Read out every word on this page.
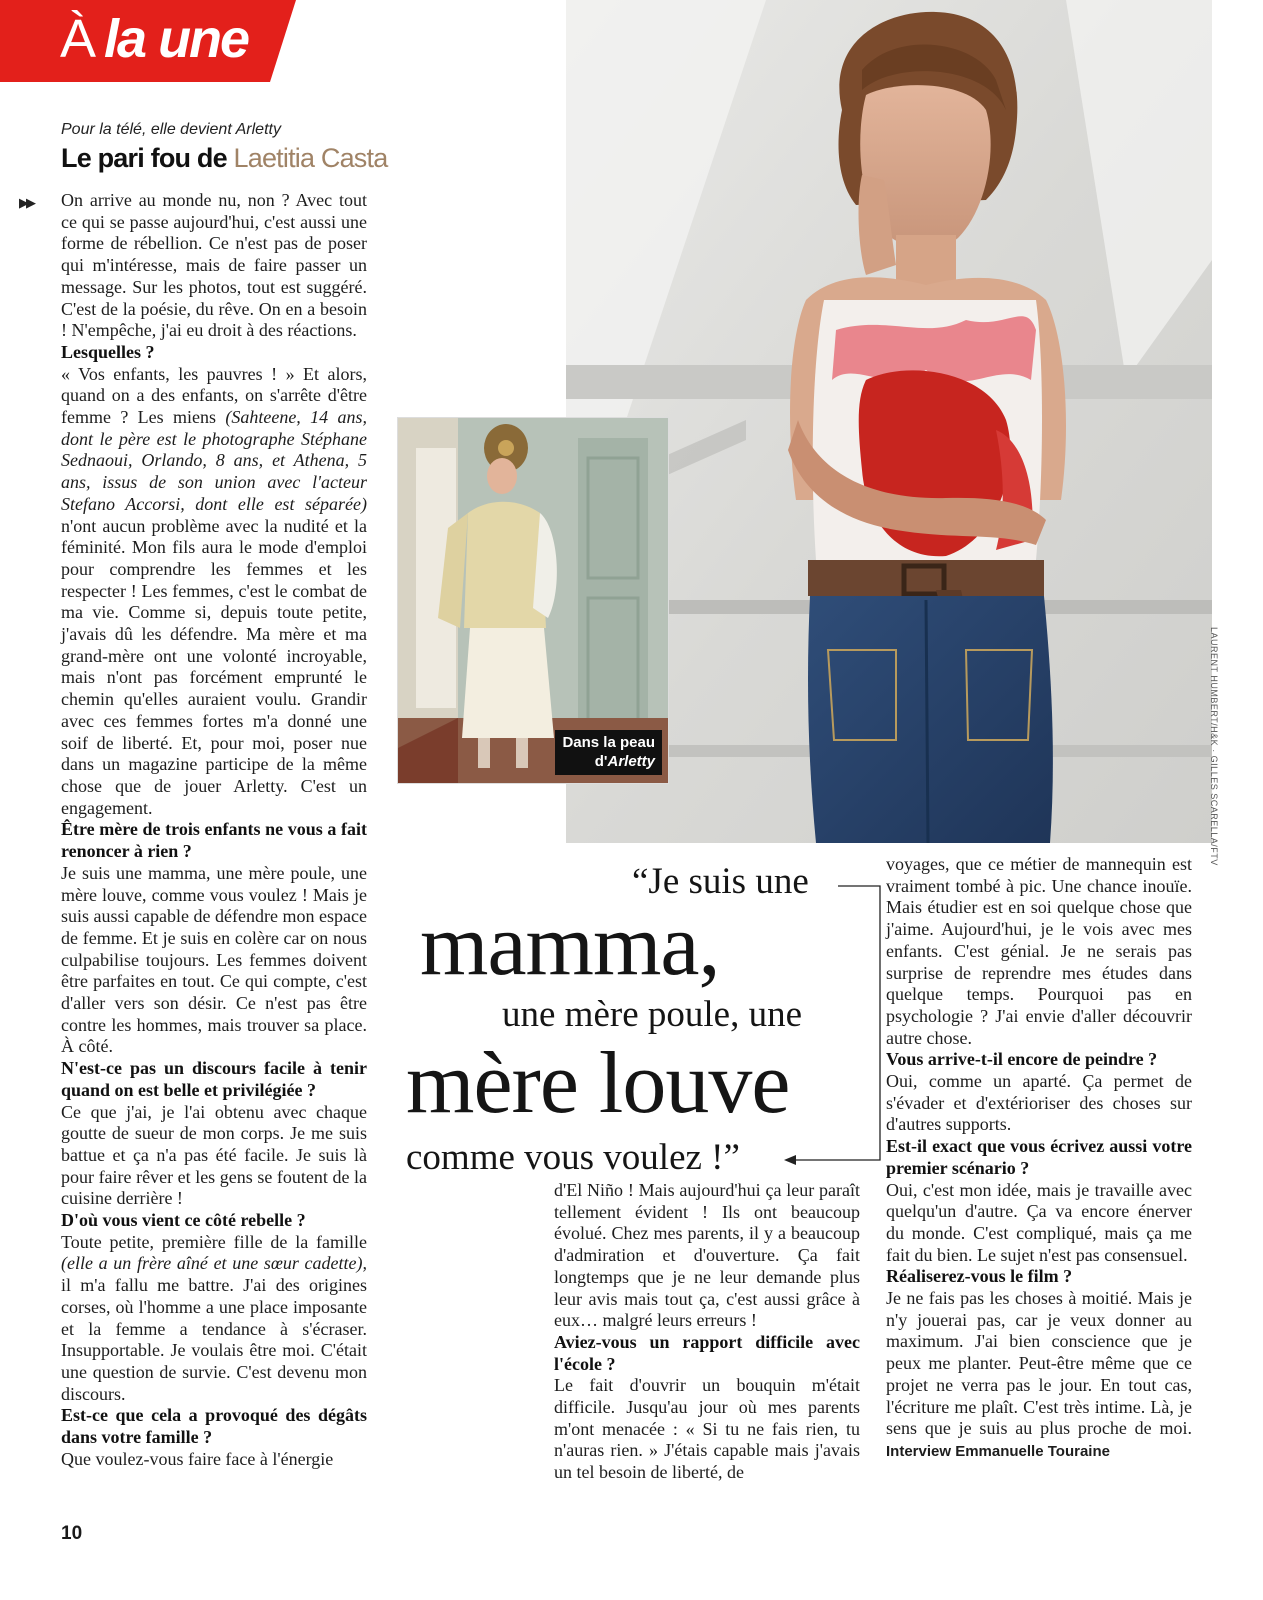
À la une
Pour la télé, elle devient Arletty
Le pari fou de Laetitia Casta
▶▶ On arrive au monde nu, non ? Avec tout ce qui se passe aujourd'hui, c'est aussi une forme de rébellion. Ce n'est pas de poser qui m'intéresse, mais de faire passer un message. Sur les photos, tout est suggéré. C'est de la poésie, du rêve. On en a besoin ! N'empêche, j'ai eu droit à des réactions.

Lesquelles ?

« Vos enfants, les pauvres ! » Et alors, quand on a des enfants, on s'arrête d'être femme ? Les miens (Sahteene, 14 ans, dont le père est le photographe Stéphane Sednaoui, Orlando, 8 ans, et Athena, 5 ans, issus de son union avec l'acteur Stefano Accorsi, dont elle est séparée) n'ont aucun problème avec la nudité et la féminité. Mon fils aura le mode d'emploi pour comprendre les femmes et les respecter ! Les femmes, c'est le combat de ma vie. Comme si, depuis toute petite, j'avais dû les défendre. Ma mère et ma grand-mère ont une volonté incroyable, mais n'ont pas forcément emprunté le chemin qu'elles auraient voulu. Grandir avec ces femmes fortes m'a donné une soif de liberté. Et, pour moi, poser nue dans un magazine participe de la même chose que de jouer Arletty. C'est un engagement.

Être mère de trois enfants ne vous a fait renoncer à rien ?

Je suis une mamma, une mère poule, une mère louve, comme vous voulez ! Mais je suis aussi capable de défendre mon espace de femme. Et je suis en colère car on nous culpabilise toujours. Les femmes doivent être parfaites en tout. Ce qui compte, c'est d'aller vers son désir. Ce n'est pas être contre les hommes, mais trouver sa place. À côté.

N'est-ce pas un discours facile à tenir quand on est belle et privilégiée ?

Ce que j'ai, je l'ai obtenu avec chaque goutte de sueur de mon corps. Je me suis battue et ça n'a pas été facile. Je suis là pour faire rêver et les gens se foutent de la cuisine derrière !

D'où vous vient ce côté rebelle ?

Toute petite, première fille de la famille (elle a un frère aîné et une sœur cadette), il m'a fallu me battre. J'ai des origines corses, où l'homme a une place imposante et la femme a tendance à s'écraser. Insupportable. Je voulais être moi. C'était une question de survie. C'est devenu mon discours.

Est-ce que cela a provoqué des dégâts dans votre famille ?

Que voulez-vous faire face à l'énergie

LAURENT HUMBERT/H&K · GILLES SCARELLA/FTV
Dans la peau
d'Arletty
“Je suis une
mamma,
une mère poule, une
mère louve
comme vous voulez !”

d'El Niño ! Mais aujourd'hui ça leur paraît tellement évident ! Ils ont beaucoup évolué. Chez mes parents, il y a beaucoup d'admiration et d'ouverture. Ça fait longtemps que je ne leur demande plus leur avis mais tout ça, c'est aussi grâce à eux… malgré leurs erreurs !

Aviez-vous un rapport difficile avec l'école ?

Le fait d'ouvrir un bouquin m'était difficile. Jusqu'au jour où mes parents m'ont menacée : « Si tu ne fais rien, tu n'auras rien. » J'étais capable mais j'avais un tel besoin de liberté, de

voyages, que ce métier de mannequin est vraiment tombé à pic. Une chance inouïe. Mais étudier est en soi quelque chose que j'aime. Aujourd'hui, je le vois avec mes enfants. C'est génial. Je ne serais pas surprise de reprendre mes études dans quelque temps. Pourquoi pas en psychologie ? J'ai envie d'aller découvrir autre chose.

Vous arrive-t-il encore de peindre ?

Oui, comme un aparté. Ça permet de s'évader et d'extérioriser des choses sur d'autres supports.

Est-il exact que vous écrivez aussi votre premier scénario ?

Oui, c'est mon idée, mais je travaille avec quelqu'un d'autre. Ça va encore énerver du monde. C'est compliqué, mais ça me fait du bien. Le sujet n'est pas consensuel.

Réaliserez-vous le film ?

Je ne fais pas les choses à moitié. Mais je n'y jouerai pas, car je veux donner au maximum. J'ai bien conscience que je peux me planter. Peut-être même que ce projet ne verra pas le jour. En tout cas, l'écriture me plaît. C'est très intime. Là, je sens que je suis au plus proche de moi. Interview Emmanuelle Touraine

10
